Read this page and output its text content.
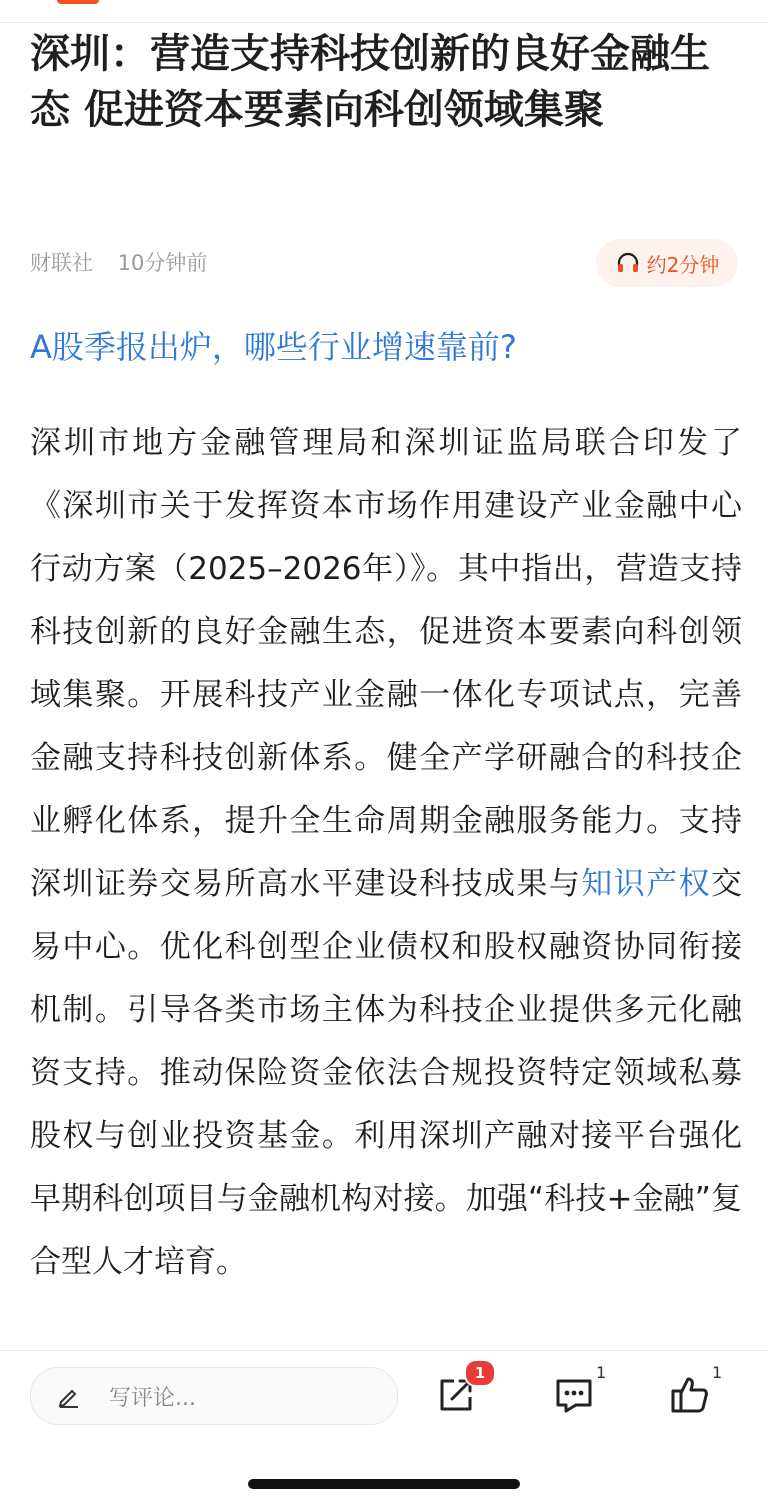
深圳：营造支持科技创新的良好金融生态 促进资本要素向科创领域集聚
财联社 10分钟前	约2分钟
A股季报出炉，哪些行业增速靠前?

深圳市地方金融管理局和深圳证监局联合印发了《深圳市关于发挥资本市场作用建设产业金融中心行动方案（2025–2026年）》。其中指出，营造支持科技创新的良好金融生态，促进资本要素向科创领域集聚。开展科技产业金融一体化专项试点，完善金融支持科技创新体系。健全产学研融合的科技企业孵化体系，提升全生命周期金融服务能力。支持深圳证券交易所高水平建设科技成果与知识产权交易中心。优化科创型企业债权和股权融资协同衔接机制。引导各类市场主体为科技企业提供多元化融资支持。推动保险资金依法合规投资特定领域私募股权与创业投资基金。利用深圳产融对接平台强化早期科创项目与金融机构对接。加强“科技+金融”复合型人才培育。

写评论...
1	1	1
